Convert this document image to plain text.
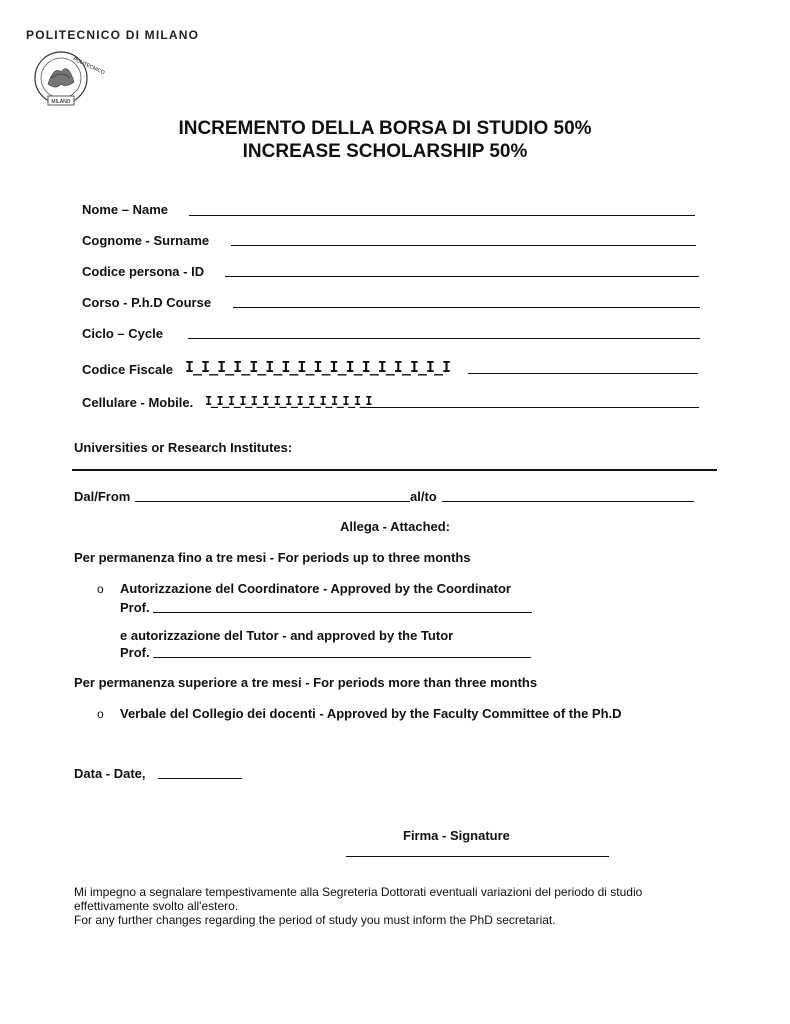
POLITECNICO DI MILANO
MILANO
POLITECNICO
INCREMENTO DELLA BORSA DI STUDIO 50%
INCREASE SCHOLARSHIP 50%
Nome – Name
Cognome - Surname
Codice persona - ID
Corso - P.h.D Course
Ciclo – Cycle
Codice Fiscale I_I_I_I_I_I_I_I_I_I_I_I_I_I_I_I_I
Cellulare - Mobile. I_I_I_I_I_I_I_I_I_I_I_I_I_I_I
Universities or Research Institutes:
Dal/From	al/to
Allega - Attached:
Per permanenza fino a tre mesi - For periods up to three months
o Autorizzazione del Coordinatore - Approved by the Coordinator
Prof.
e autorizzazione del Tutor - and approved by the Tutor
Prof.
Per permanenza superiore a tre mesi - For periods more than three months
o Verbale del Collegio dei docenti - Approved by the Faculty Committee of the Ph.D
Data - Date,
Firma - Signature
Mi impegno a segnalare tempestivamente alla Segreteria Dottorati eventuali variazioni del periodo di studio
effettivamente svolto all'estero.
For any further changes regarding the period of study you must inform the PhD secretariat.
